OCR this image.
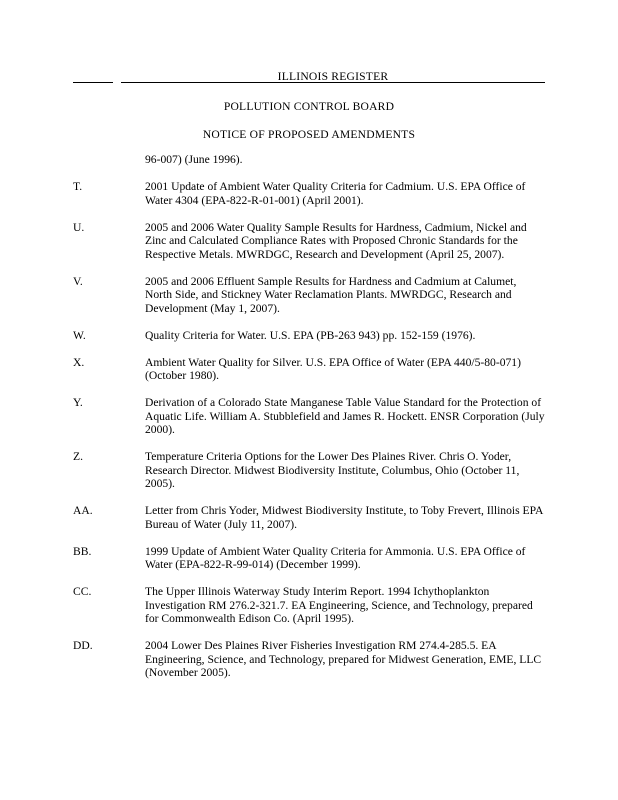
ILLINOIS REGISTER
POLLUTION CONTROL BOARD
NOTICE OF PROPOSED AMENDMENTS
96-007) (June 1996).
T.	2001 Update of Ambient Water Quality Criteria for Cadmium. U.S. EPA Office of Water 4304 (EPA-822-R-01-001) (April 2001).
U.	2005 and 2006 Water Quality Sample Results for Hardness, Cadmium, Nickel and Zinc and Calculated Compliance Rates with Proposed Chronic Standards for the Respective Metals. MWRDGC, Research and Development (April 25, 2007).
V.	2005 and 2006 Effluent Sample Results for Hardness and Cadmium at Calumet, North Side, and Stickney Water Reclamation Plants. MWRDGC, Research and Development (May 1, 2007).
W.	Quality Criteria for Water. U.S. EPA (PB-263 943) pp. 152-159 (1976).
X.	Ambient Water Quality for Silver. U.S. EPA Office of Water (EPA 440/5-80-071) (October 1980).
Y.	Derivation of a Colorado State Manganese Table Value Standard for the Protection of Aquatic Life. William A. Stubblefield and James R. Hockett. ENSR Corporation (July 2000).
Z.	Temperature Criteria Options for the Lower Des Plaines River. Chris O. Yoder, Research Director. Midwest Biodiversity Institute, Columbus, Ohio (October 11, 2005).
AA.	Letter from Chris Yoder, Midwest Biodiversity Institute, to Toby Frevert, Illinois EPA Bureau of Water (July 11, 2007).
BB.	1999 Update of Ambient Water Quality Criteria for Ammonia. U.S. EPA Office of Water (EPA-822-R-99-014) (December 1999).
CC.	The Upper Illinois Waterway Study Interim Report. 1994 Ichythoplankton Investigation RM 276.2-321.7. EA Engineering, Science, and Technology, prepared for Commonwealth Edison Co. (April 1995).
DD.	2004 Lower Des Plaines River Fisheries Investigation RM 274.4-285.5. EA Engineering, Science, and Technology, prepared for Midwest Generation, EME, LLC (November 2005).
